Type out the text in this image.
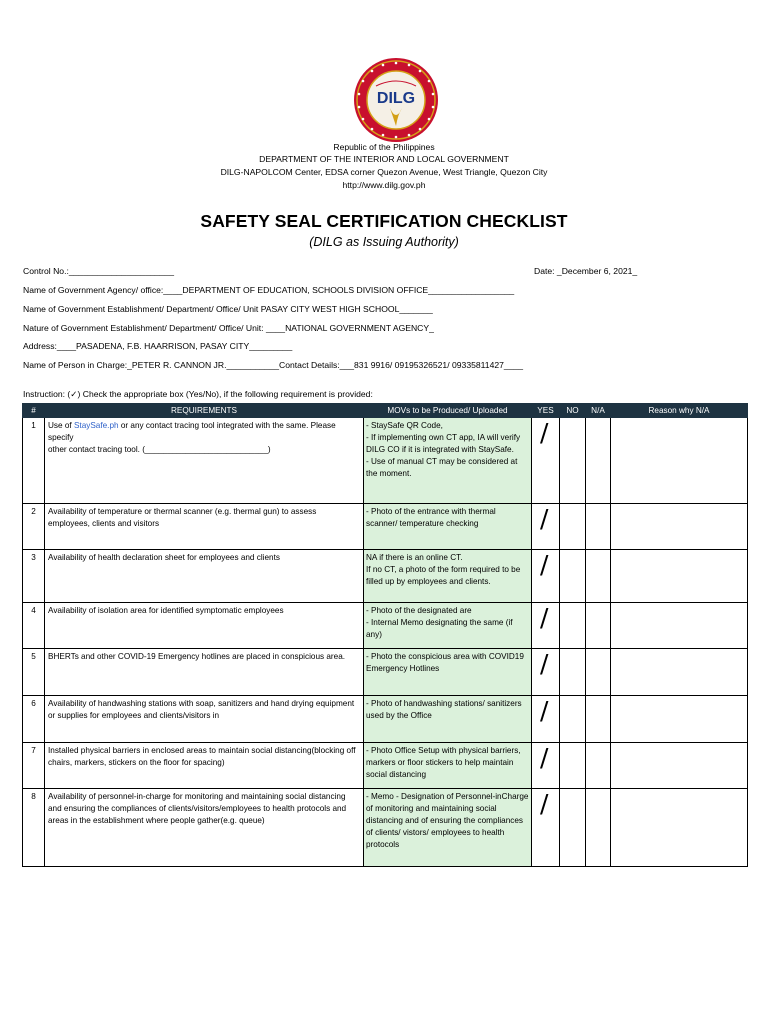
DILG
Republic of the Philippines
DEPARTMENT OF THE INTERIOR AND LOCAL GOVERNMENT
DILG-NAPOLCOM Center, EDSA corner Quezon Avenue, West Triangle, Quezon City
http://www.dilg.gov.ph
SAFETY SEAL CERTIFICATION CHECKLIST
(DILG as Issuing Authority)
Control No.:______________________	Date: _December 6, 2021_
Name of Government Agency/ office:____DEPARTMENT OF EDUCATION, SCHOOLS DIVISION OFFICE__________________
Name of Government Establishment/ Department/ Office/ Unit PASAY CITY WEST HIGH SCHOOL_______
Nature of Government Establishment/ Department/ Office/ Unit: ____NATIONAL GOVERNMENT AGENCY_
Address:____PASADENA, F.B. HAARRISON, PASAY CITY_________
Name of Person in Charge:_PETER R. CANNON JR.___________Contact Details:___831 9916/ 09195326521/ 09335811427____
Instruction: (✓) Check the appropriate box (Yes/No), if the following requirement is provided:
#	REQUIREMENTS	MOVs to be Produced/ Uploaded	YES	NO	N/A	Reason why N/A
1	Use of StaySafe.ph or any contact tracing tool integrated with the same. Please specify
other contact tracing tool. (___________________________)	- StaySafe QR Code,
- If implementing own CT app, IA will verify DILG CO if it is integrated with StaySafe.
- Use of manual CT may be considered at the moment.	/			

2	Availability of temperature or thermal scanner (e.g. thermal gun) to assess employees, clients and visitors	- Photo of the entrance with thermal scanner/ temperature checking	/			

3	Availability of health declaration sheet for employees and clients	NA if there is an online CT.
If no CT, a photo of the form required to be filled up by employees and clients.	/			

4	Availability of isolation area for identified symptomatic employees	- Photo of the designated are
- Internal Memo designating the same (if any)	/			

5	BHERTs and other COVID-19 Emergency hotlines are placed in conspicious area.	- Photo the conspicious area with COVID19 Emergency Hotlines	/			

6	Availability of handwashing stations with soap, sanitizers and hand drying equipment or supplies for employees and clients/visitors in	- Photo of handwashing stations/ sanitizers used by the Office	/			

7	Installed physical barriers in enclosed areas to maintain social distancing(blocking off chairs, markers, stickers on the floor for spacing)	- Photo Office Setup with physical barriers, markers or floor stickers to help maintain social distancing	/			

8	Availability of personnel-in-charge for monitoring and maintaining social distancing and ensuring the compliances of clients/visitors/employees to health protocols and areas in the establishment where people gather(e.g. queue)	- Memo - Designation of Personnel-inCharge of monitoring and maintaining social distancing and of ensuring the compliances of clients/ vistors/ employees to health protocols	/			
